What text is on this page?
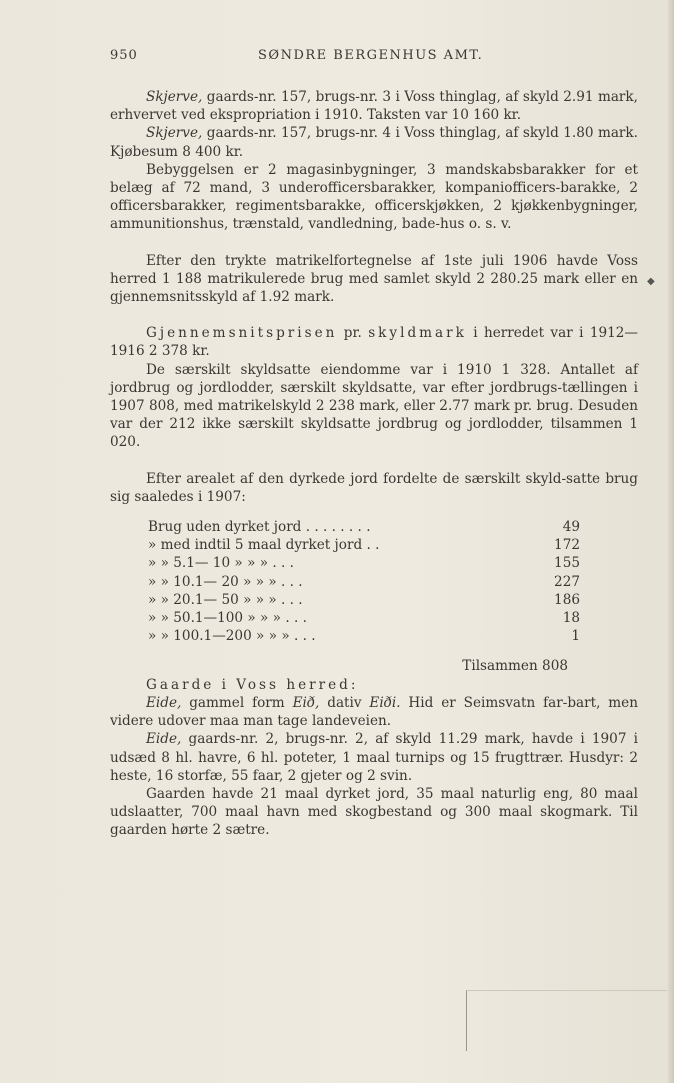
950	SØNDRE BERGENHUS AMT.

Skjerve, gaards-nr. 157, brugs-nr. 3 i Voss thinglag, af skyld 2.91 mark, erhvervet ved ekspropriation i 1910. Taksten var 10 160 kr.

Skjerve, gaards-nr. 157, brugs-nr. 4 i Voss thinglag, af skyld 1.80 mark. Kjøbesum 8 400 kr.

Bebyggelsen er 2 magasinbygninger, 3 mandskabsbarakker for et belæg af 72 mand, 3 underofficersbarakker, kompaniofficers-barakke, 2 officersbarakker, regimentsbarakke, officerskjøkken, 2 kjøkkenbygninger, ammunitionshus, trænstald, vandledning, bade-hus o. s. v.

Efter den trykte matrikelfortegnelse af 1ste juli 1906 havde Voss herred 1 188 matrikulerede brug med samlet skyld 2 280.25 mark eller en gjennemsnitsskyld af 1.92 mark.

Gjennemsnitsprisen pr. skyldmark i herredet var i 1912—1916 2 378 kr.

De særskilt skyldsatte eiendomme var i 1910 1 328. Antallet af jordbrug og jordlodder, særskilt skyldsatte, var efter jordbrugs-tællingen i 1907 808, med matrikelskyld 2 238 mark, eller 2.77 mark pr. brug. Desuden var der 212 ikke særskilt skyldsatte jordbrug og jordlodder, tilsammen 1 020.

Efter arealet af den dyrkede jord fordelte de særskilt skyld-satte brug sig saaledes i 1907:

Brug uden dyrket jord . . . . . . . .	49
» med indtil 5 maal dyrket jord . .	172
» » 5.1— 10 » » » . . .	155
» » 10.1— 20 » » » . . .	227
» » 20.1— 50 » » » . . .	186
» » 50.1—100 » » » . . .	18
» » 100.1—200 » » » . . .	1
Tilsammen 808

Gaarde i Voss herred:

Eide, gammel form Eið, dativ Eiði. Hid er Seimsvatn far-bart, men videre udover maa man tage landeveien.

Eide, gaards-nr. 2, brugs-nr. 2, af skyld 11.29 mark, havde i 1907 i udsæd 8 hl. havre, 6 hl. poteter, 1 maal turnips og 15 frugttrær. Husdyr: 2 heste, 16 storfæ, 55 faar, 2 gjeter og 2 svin.

Gaarden havde 21 maal dyrket jord, 35 maal naturlig eng, 80 maal udslaatter, 700 maal havn med skogbestand og 300 maal skogmark. Til gaarden hørte 2 sætre.

◆
